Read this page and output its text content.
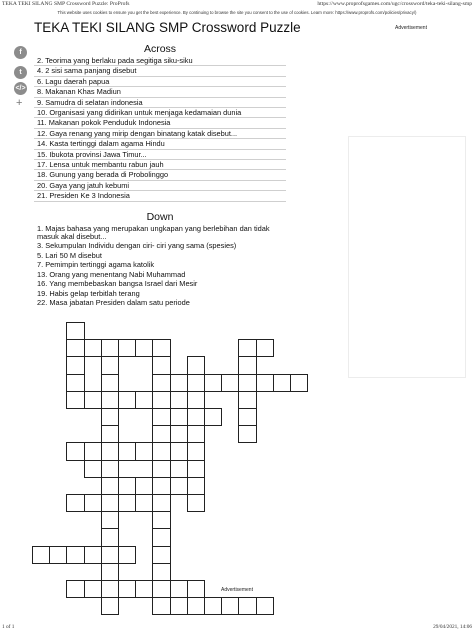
TEKA TEKI SILANG SMP Crossword Puzzle: ProProfs	https://www.proprofsgames.com/ugc/crossword/teka-teki-silang-smp
This website uses cookies to ensure you get the best experience. By continuing to browse the site you consent to the use of cookies. Learn more: https://www.proprofs.com/policies/privacy/)
TEKA TEKI SILANG SMP Crossword Puzzle	Advertisement
f
t
</>
+
Across
2. Teorima yang berlaku pada segitiga siku-siku
4. 2 sisi sama panjang disebut
6. Lagu daerah papua
8. Makanan Khas Madiun
9. Samudra di selatan indonesia
10. Organisasi yang didirikan untuk menjaga kedamaian dunia
11. Makanan pokok Penduduk Indonesia
12. Gaya renang yang mirip dengan binatang katak disebut...
14. Kasta tertinggi dalam agama Hindu
15. Ibukota provinsi Jawa Timur...
17. Lensa untuk membantu rabun jauh
18. Gunung yang berada di Probolinggo
20. Gaya yang jatuh kebumi
21. Presiden Ke 3 Indonesia
Down
1. Majas bahasa yang merupakan ungkapan yang berlebihan dan tidak masuk akal disebut...
3. Sekumpulan Individu dengan ciri- ciri yang sama (spesies)
5. Lari 50 M disebut
7. Pemimpin tertinggi agama katolik
13. Orang yang menentang Nabi Muhammad
16. Yang membebaskan bangsa Israel dari Mesir
19. Habis gelap terbitlah terang
22. Masa jabatan Presiden dalam satu periode
Advertisement
1 of 1	29/04/2021, 14:06
